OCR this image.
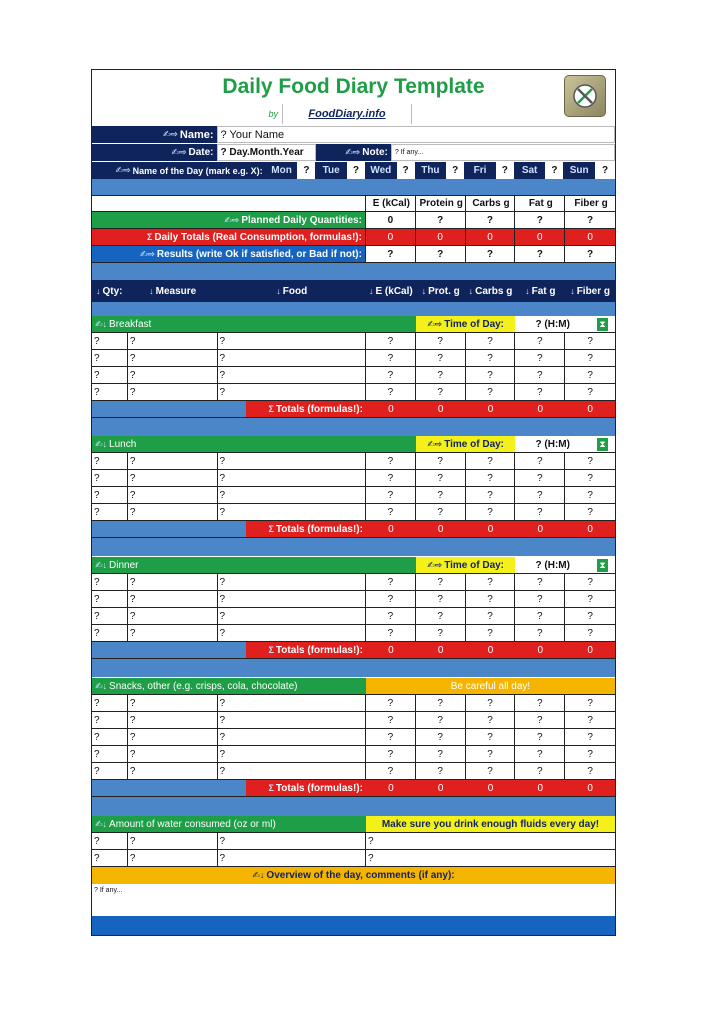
Daily Food Diary Template
by	FoodDiary.info
✍⇨ Name: ? Your Name
✍⇨ Date: ? Day.Month.Year	✍⇨ Note:	? If any...
✍⇨ Name of the Day (mark e.g. X): Mon	?	Tue	?	Wed	?	Thu	?	Fri	?	Sat	?	Sun	?
E (kCal) Protein g Carbs g	Fat g	Fiber g
✍⇨ Planned Daily Quantities:	0	?	?	?	?
Σ Daily Totals (Real Consumption, formulas!):	0	0	0	0	0
✍⇨ Results (write Ok if satisfied, or Bad if not):	?	?	?	?	?
↓ Qty:	↓ Measure	↓ Food	↓ E (kCal) ↓ Prot. g ↓ Carbs g ↓ Fat g ↓ Fiber g
✍↓ Breakfast	✍⇨ Time of Day:	? (H:M)	⧗
?	?	?	?	?	?	?	?
?	?	?	?	?	?	?	?
?	?	?	?	?	?	?	?
?	?	?	?	?	?	?	?
Σ Totals (formulas!):	0	0	0	0	0
✍↓ Lunch	✍⇨ Time of Day:	? (H:M)	⧗
?	?	?	?	?	?	?	?
?	?	?	?	?	?	?	?
?	?	?	?	?	?	?	?
?	?	?	?	?	?	?	?
Σ Totals (formulas!):	0	0	0	0	0
✍↓ Dinner	✍⇨ Time of Day:	? (H:M)	⧗
?	?	?	?	?	?	?	?
?	?	?	?	?	?	?	?
?	?	?	?	?	?	?	?
?	?	?	?	?	?	?	?
Σ Totals (formulas!):	0	0	0	0	0
✍↓ Snacks, other (e.g. crisps, cola, chocolate)	Be careful all day!
?	?	?	?	?	?	?	?
?	?	?	?	?	?	?	?
?	?	?	?	?	?	?	?
?	?	?	?	?	?	?	?
?	?	?	?	?	?	?	?
Σ Totals (formulas!):	0	0	0	0	0
✍↓ Amount of water consumed (oz or ml)	Make sure you drink enough fluids every day!
?	?	?	?
?	?	?	?
✍↓ Overview of the day, comments (if any):
? If any...
